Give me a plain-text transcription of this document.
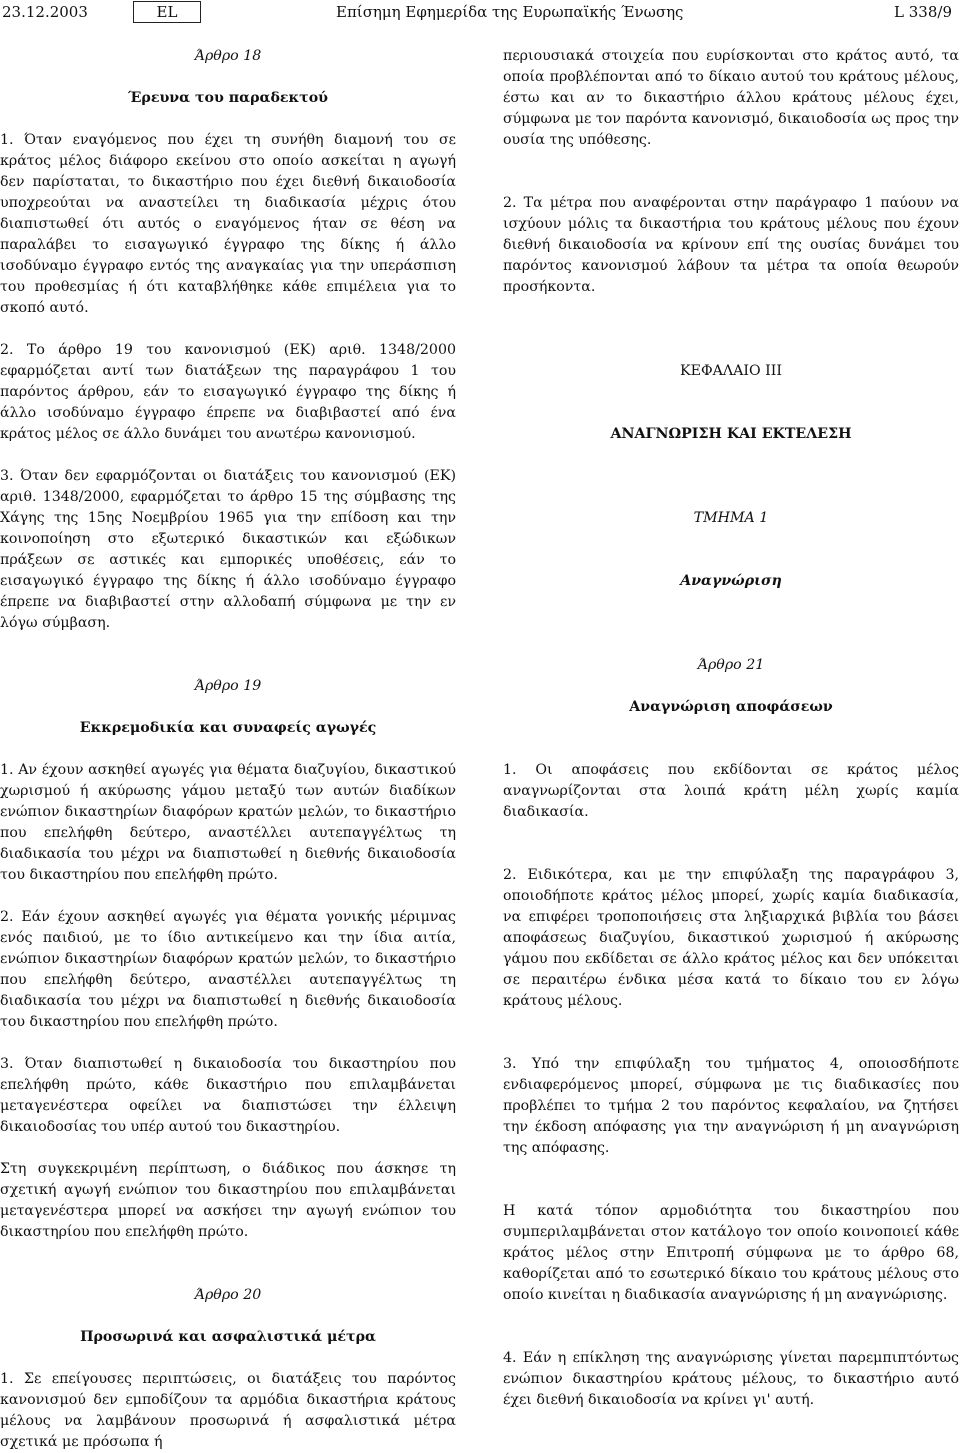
23.12.2003	EL	Επίσημη Εφημερίδα της Ευρωπαϊκής Ένωσης	L 338/9

Άρθρο 18

Έρευνα του παραδεκτού

1. Όταν εναγόμενος που έχει τη συνήθη διαμονή του σε κράτος μέλος διάφορο εκείνου στο οποίο ασκείται η αγωγή δεν παρίσταται, το δικαστήριο που έχει διεθνή δικαιοδοσία υποχρεούται να αναστείλει τη διαδικασία μέχρις ότου διαπιστωθεί ότι αυτός ο εναγόμενος ήταν σε θέση να παραλάβει το εισαγωγικό έγγραφο της δίκης ή άλλο ισοδύναμο έγγραφο εντός της αναγκαίας για την υπεράσπιση του προθεσμίας ή ότι καταβλήθηκε κάθε επιμέλεια για το σκοπό αυτό.

2. Το άρθρο 19 του κανονισμού (ΕΚ) αριθ. 1348/2000 εφαρμόζεται αντί των διατάξεων της παραγράφου 1 του παρόντος άρθρου, εάν το εισαγωγικό έγγραφο της δίκης ή άλλο ισοδύναμο έγγραφο έπρεπε να διαβιβαστεί από ένα κράτος μέλος σε άλλο δυνάμει του ανωτέρω κανονισμού.

3. Όταν δεν εφαρμόζονται οι διατάξεις του κανονισμού (ΕΚ) αριθ. 1348/2000, εφαρμόζεται το άρθρο 15 της σύμβασης της Χάγης της 15ης Νοεμβρίου 1965 για την επίδοση και την κοινοποίηση στο εξωτερικό δικαστικών και εξώδικων πράξεων σε αστικές και εμπορικές υποθέσεις, εάν το εισαγωγικό έγγραφο της δίκης ή άλλο ισοδύναμο έγγραφο έπρεπε να διαβιβαστεί στην αλλοδαπή σύμφωνα με την εν λόγω σύμβαση.

Άρθρο 19

Εκκρεμοδικία και συναφείς αγωγές

1. Αν έχουν ασκηθεί αγωγές για θέματα διαζυγίου, δικαστικού χωρισμού ή ακύρωσης γάμου μεταξύ των αυτών διαδίκων ενώπιον δικαστηρίων διαφόρων κρατών μελών, το δικαστήριο που επελήφθη δεύτερο, αναστέλλει αυτεπαγγέλτως τη διαδικασία του μέχρι να διαπιστωθεί η διεθνής δικαιοδοσία του δικαστηρίου που επελήφθη πρώτο.

2. Εάν έχουν ασκηθεί αγωγές για θέματα γονικής μέριμνας ενός παιδιού, με το ίδιο αντικείμενο και την ίδια αιτία, ενώπιον δικαστηρίων διαφόρων κρατών μελών, το δικαστήριο που επελήφθη δεύτερο, αναστέλλει αυτεπαγγέλτως τη διαδικασία του μέχρι να διαπιστωθεί η διεθνής δικαιοδοσία του δικαστηρίου που επελήφθη πρώτο.

3. Όταν διαπιστωθεί η δικαιοδοσία του δικαστηρίου που επελήφθη πρώτο, κάθε δικαστήριο που επιλαμβάνεται μεταγενέστερα οφείλει να διαπιστώσει την έλλειψη δικαιοδοσίας του υπέρ αυτού του δικαστηρίου.

Στη συγκεκριμένη περίπτωση, ο διάδικος που άσκησε τη σχετική αγωγή ενώπιον του δικαστηρίου που επιλαμβάνεται μεταγενέστερα μπορεί να ασκήσει την αγωγή ενώπιον του δικαστηρίου που επελήφθη πρώτο.

Άρθρο 20

Προσωρινά και ασφαλιστικά μέτρα

1. Σε επείγουσες περιπτώσεις, οι διατάξεις του παρόντος κανονισμού δεν εμποδίζουν τα αρμόδια δικαστήρια κράτους μέλους να λαμβάνουν προσωρινά ή ασφαλιστικά μέτρα σχετικά με πρόσωπα ή

περιουσιακά στοιχεία που ευρίσκονται στο κράτος αυτό, τα οποία προβλέπονται από το δίκαιο αυτού του κράτους μέλους, έστω και αν το δικαστήριο άλλου κράτους μέλους έχει, σύμφωνα με τον παρόντα κανονισμό, δικαιοδοσία ως προς την ουσία της υπόθεσης.

2. Τα μέτρα που αναφέρονται στην παράγραφο 1 παύουν να ισχύουν μόλις τα δικαστήρια του κράτους μέλους που έχουν διεθνή δικαιοδοσία να κρίνουν επί της ουσίας δυνάμει του παρόντος κανονισμού λάβουν τα μέτρα τα οποία θεωρούν προσήκοντα.

ΚΕΦΑΛΑΙΟ III

ΑΝΑΓΝΩΡΙΣΗ ΚΑΙ ΕΚΤΕΛΕΣΗ

ΤΜΗΜΑ 1

Αναγνώριση

Άρθρο 21

Αναγνώριση αποφάσεων

1. Οι αποφάσεις που εκδίδονται σε κράτος μέλος αναγνωρίζονται στα λοιπά κράτη μέλη χωρίς καμία διαδικασία.

2. Ειδικότερα, και με την επιφύλαξη της παραγράφου 3, οποιοδήποτε κράτος μέλος μπορεί, χωρίς καμία διαδικασία, να επιφέρει τροποποιήσεις στα ληξιαρχικά βιβλία του βάσει αποφάσεως διαζυγίου, δικαστικού χωρισμού ή ακύρωσης γάμου που εκδίδεται σε άλλο κράτος μέλος και δεν υπόκειται σε περαιτέρω ένδικα μέσα κατά το δίκαιο του εν λόγω κράτους μέλους.

3. Υπό την επιφύλαξη του τμήματος 4, οποιοσδήποτε ενδιαφερόμενος μπορεί, σύμφωνα με τις διαδικασίες που προβλέπει το τμήμα 2 του παρόντος κεφαλαίου, να ζητήσει την έκδοση απόφασης για την αναγνώριση ή μη αναγνώριση της απόφασης.

Η κατά τόπον αρμοδιότητα του δικαστηρίου που συμπεριλαμβάνεται στον κατάλογο τον οποίο κοινοποιεί κάθε κράτος μέλος στην Επιτροπή σύμφωνα με το άρθρο 68, καθορίζεται από το εσωτερικό δίκαιο του κράτους μέλους στο οποίο κινείται η διαδικασία αναγνώρισης ή μη αναγνώρισης.

4. Εάν η επίκληση της αναγνώρισης γίνεται παρεμπιπτόντως ενώπιον δικαστηρίου κράτους μέλους, το δικαστήριο αυτό έχει διεθνή δικαιοδοσία να κρίνει γι' αυτή.
